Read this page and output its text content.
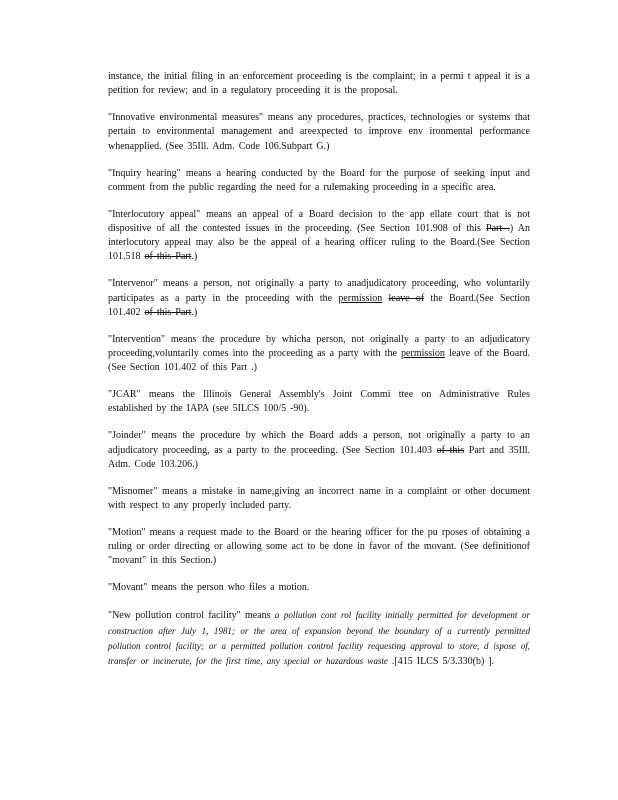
instance, the initial filing in an enforcement proceeding is the complaint; in a permi t appeal it is a petition for review; and in a regulatory proceeding it is the proposal.

"Innovative environmental measures" means any procedures, practices, technologies or systems that pertain to environmental management and areexpected to improve env ironmental performance whenapplied. (See 35Ill. Adm. Code 106.Subpart G.)

"Inquiry hearing" means a hearing conducted by the Board for the purpose of seeking input and comment from the public regarding the need for a rulemaking proceeding in a specific area.

"Interlocutory appeal" means an appeal of a Board decision to the app ellate court that is not dispositive of all the contested issues in the proceeding. (See Section 101.908 of this Part .) An interlocutory appeal may also be the appeal of a hearing officer ruling to the Board.(See Section 101.518 of this Part.)

"Intervenor" means a person, not originally a party to anadjudicatory proceeding, who voluntarily participates as a party in the proceeding with the permission leave of the Board.(See Section 101.402 of this Part.)

"Intervention" means the procedure by whicha person, not originally a party to an adjudicatory proceeding,voluntarily comes into the proceeding as a party with the permission leave of the Board. (See Section 101.402 of this Part .)

"JCAR" means the Illinois General Assembly's Joint Commi ttee on Administrative Rules established by the IAPA (see 5ILCS 100/5 -90).

"Joinder" means the procedure by which the Board adds a person, not originally a party to an adjudicatory proceeding, as a party to the proceeding. (See Section 101.403 of this Part and 35Ill. Adm. Code 103.206.)

"Misnomer" means a mistake in name,giving an incorrect name in a complaint or other document with respect to any properly included party.

"Motion" means a request made to the Board or the hearing officer for the pu rposes of obtaining a ruling or order directing or allowing some act to be done in favor of the movant. (See definitionof "movant" in this Section.)

"Movant" means the person who files a motion.

"New pollution control facility" means a pollution cont rol facility initially permitted for development or construction after July 1, 1981; or the area of expansion beyond the boundary of a currently permitted pollution control facility; or a permitted pollution control facility requesting approval to store, d ispose of, transfer or incinerate, for the first time, any special or hazardous waste .[415 ILCS 5/3.330(b) ].
